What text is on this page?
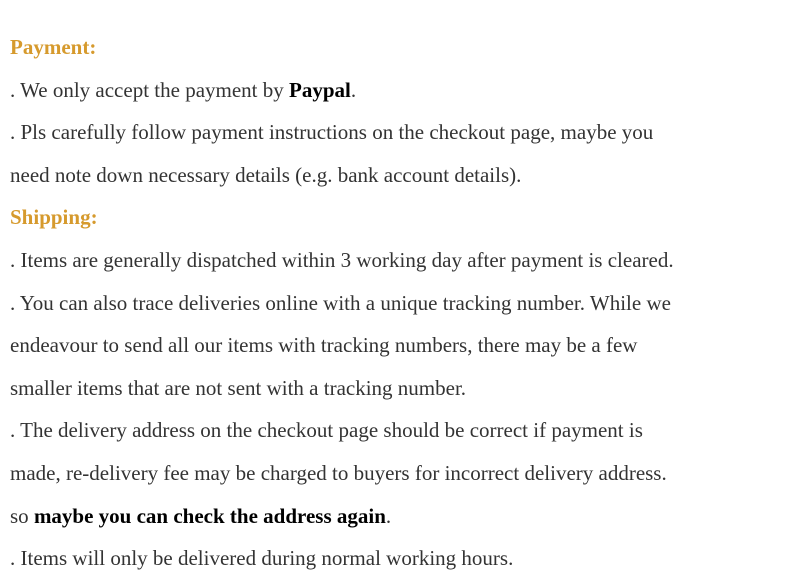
Payment:
. We only accept the payment by Paypal.
. Pls carefully follow payment instructions on the checkout page, maybe you
need note down necessary details (e.g. bank account details).
Shipping:
. Items are generally dispatched within 3 working day after payment is cleared.
. You can also trace deliveries online with a unique tracking number. While we
endeavour to send all our items with tracking numbers, there may be a few
smaller items that are not sent with a tracking number.
. The delivery address on the checkout page should be correct if payment is
made, re-delivery fee may be charged to buyers for incorrect delivery address.
so maybe you can check the address again.
. Items will only be delivered during normal working hours.
